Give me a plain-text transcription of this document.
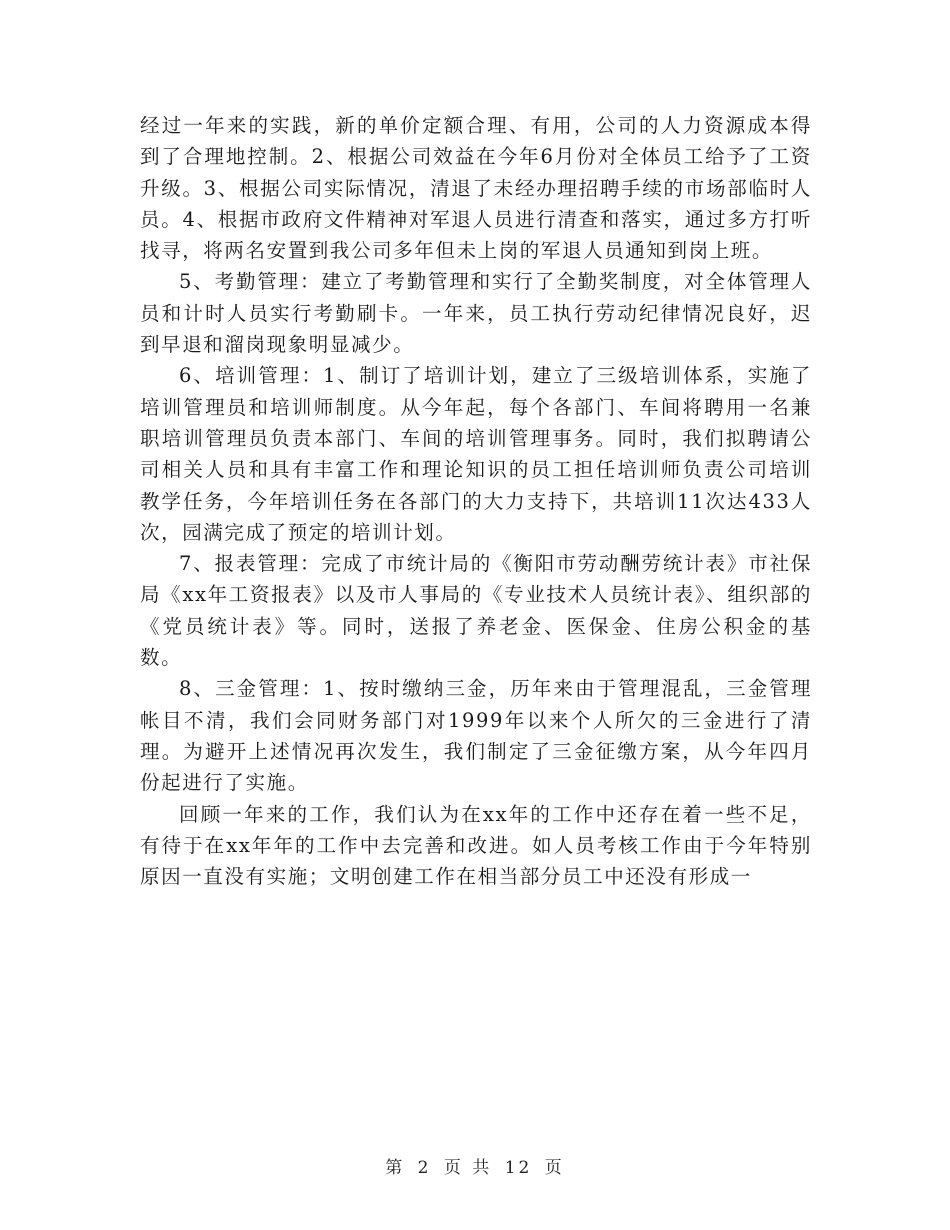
经过一年来的实践，新的单价定额合理、有用，公司的人力资源成本得到了合理地控制。2、根据公司效益在今年6月份对全体员工给予了工资升级。3、根据公司实际情况，清退了未经办理招聘手续的市场部临时人员。4、根据市政府文件精神对军退人员进行清查和落实，通过多方打听找寻，将两名安置到我公司多年但未上岗的军退人员通知到岗上班。

5、考勤管理：建立了考勤管理和实行了全勤奖制度，对全体管理人员和计时人员实行考勤刷卡。一年来，员工执行劳动纪律情况良好，迟到早退和溜岗现象明显减少。

6、培训管理：1、制订了培训计划，建立了三级培训体系，实施了培训管理员和培训师制度。从今年起，每个各部门、车间将聘用一名兼职培训管理员负责本部门、车间的培训管理事务。同时，我们拟聘请公司相关人员和具有丰富工作和理论知识的员工担任培训师负责公司培训教学任务，今年培训任务在各部门的大力支持下，共培训11次达433人次，园满完成了预定的培训计划。

7、报表管理：完成了市统计局的《衡阳市劳动酬劳统计表》市社保局《xx年工资报表》以及市人事局的《专业技术人员统计表》、组织部的《党员统计表》等。同时，送报了养老金、医保金、住房公积金的基数。

8、三金管理：1、按时缴纳三金，历年来由于管理混乱，三金管理帐目不清，我们会同财务部门对1999年以来个人所欠的三金进行了清理。为避开上述情况再次发生，我们制定了三金征缴方案，从今年四月份起进行了实施。

回顾一年来的工作，我们认为在xx年的工作中还存在着一些不足，有待于在xx年年的工作中去完善和改进。如人员考核工作由于今年特别原因一直没有实施；文明创建工作在相当部分员工中还没有形成一

第 2 页 共 12 页
